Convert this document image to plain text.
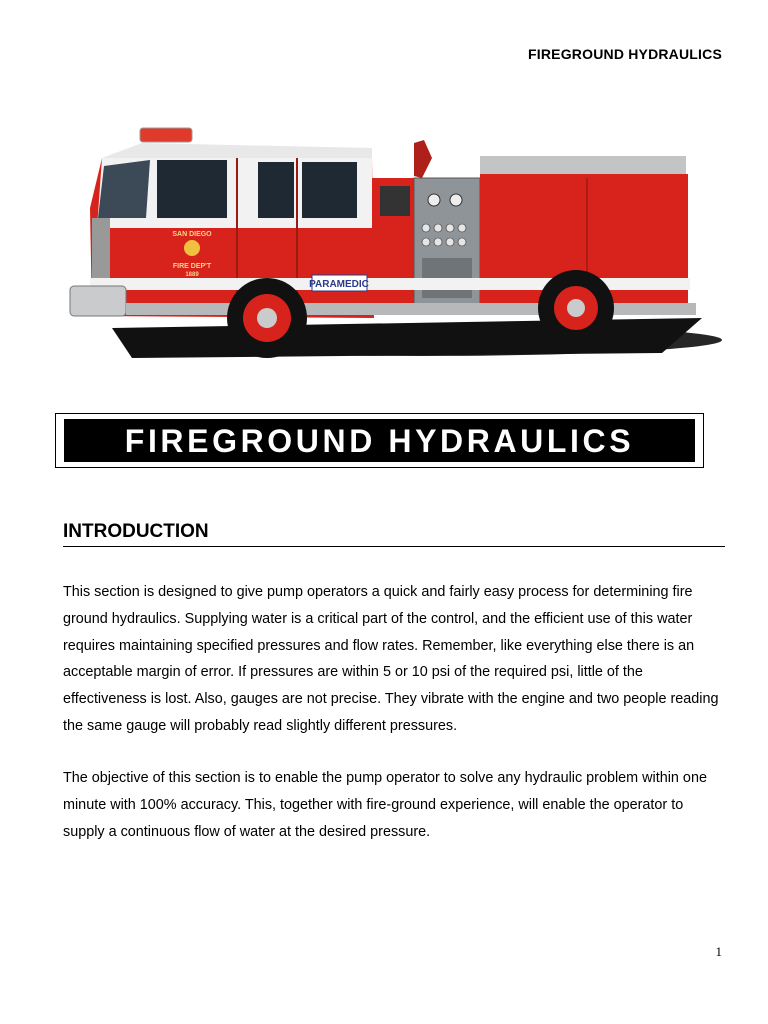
FIREGROUND HYDRAULICS
SAN DIEGO
FIRE DEP'T
1889
PARAMEDIC
FIREGROUND HYDRAULICS
INTRODUCTION

This section is designed to give pump operators a quick and fairly easy process for determining fire ground hydraulics. Supplying water is a critical part of the control, and the efficient use of this water requires maintaining specified pressures and flow rates. Remember, like everything else there is an acceptable margin of error. If pressures are within 5 or 10 psi of the required psi, little of the effectiveness is lost. Also, gauges are not precise. They vibrate with the engine and two people reading the same gauge will probably read slightly different pressures.

The objective of this section is to enable the pump operator to solve any hydraulic problem within one minute with 100% accuracy. This, together with fire-ground experience, will enable the operator to supply a continuous flow of water at the desired pressure.

1
